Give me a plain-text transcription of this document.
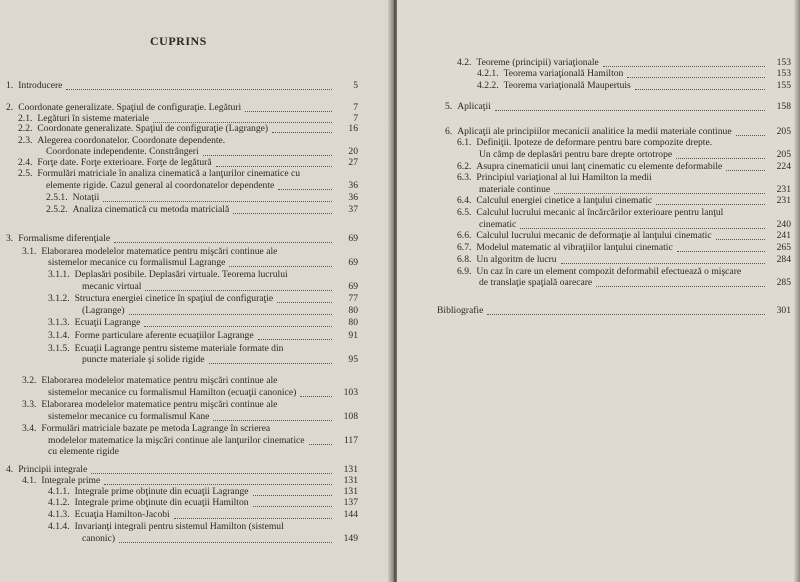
CUPRINS
1. Introducere	5
2. Coordonate generalizate. Spaţiul de configuraţie. Legături	7
2.1. Legături în sisteme materiale	7
2.2. Coordonate generalizate. Spaţiul de configuraţie (Lagrange)	16
2.3. Alegerea coordonatelor. Coordonate dependente.
Coordonate independente. Constrângeri	20
2.4. Forţe date. Forţe exterioare. Forţe de legătură	27
2.5. Formulări matriciale în analiza cinematică a lanţurilor cinematice cu
elemente rigide. Cazul general al coordonatelor dependente	36
2.5.1. Notaţii	36
2.5.2. Analiza cinematică cu metoda matricială	37
3. Formalisme diferenţiale	69
3.1. Elaborarea modelelor matematice pentru mişcări continue ale
sistemelor mecanice cu formalismul Lagrange	69
3.1.1. Deplasări posibile. Deplasări virtuale. Teorema lucrului
mecanic virtual	69
3.1.2. Structura energiei cinetice în spaţiul de configuraţie	77
(Lagrange)	80
3.1.3. Ecuaţii Lagrange	80
3.1.4. Forme particulare aferente ecuaţiilor Lagrange	91
3.1.5. Ecuaţii Lagrange pentru sisteme materiale formate din
puncte materiale şi solide rigide	95
3.2. Elaborarea modelelor matematice pentru mişcări continue ale
sistemelor mecanice cu formalismul Hamilton (ecuaţii canonice)	103
3.3. Elaborarea modelelor matematice pentru mişcări continue ale
sistemelor mecanice cu formalismul Kane	108
3.4. Formulări matriciale bazate pe metoda Lagrange în scrierea
modelelor matematice la mişcări continue ale lanţurilor cinematice	117
cu elemente rigide
4. Principii integrale	131
4.1. Integrale prime	131
4.1.1. Integrale prime obţinute din ecuaţii Lagrange	131
4.1.2. Integrale prime obţinute din ecuaţii Hamilton	137
4.1.3. Ecuaţia Hamilton-Jacobi	144
4.1.4. Invarianţi integrali pentru sistemul Hamilton (sistemul
canonic)	149
4.2. Teoreme (principii) variaţionale	153
4.2.1. Teorema variaţională Hamilton	153
4.2.2. Teorema variaţională Maupertuis	155
5. Aplicaţii	158
6. Aplicaţii ale principiilor mecanicii analitice la medii materiale continue	205
6.1. Definiţii. Ipoteze de deformare pentru bare compozite drepte.
Un câmp de deplasări pentru bare drepte ortotrope	205
6.2. Asupra cinematicii unui lanţ cinematic cu elemente deformabile	224
6.3. Principiul variaţional al lui Hamilton la medii
materiale continue	231
6.4. Calculul energiei cinetice a lanţului cinematic	231
6.5. Calculul lucrului mecanic al încărcărilor exterioare pentru lanţul
cinematic	240
6.6. Calculul lucrului mecanic de deformaţie al lanţului cinematic	241
6.7. Modelul matematic al vibraţiilor lanţului cinematic	265
6.8. Un algoritm de lucru	284
6.9. Un caz în care un element compozit deformabil efectuează o mişcare
de translaţie spaţială oarecare	285
Bibliografie	301
